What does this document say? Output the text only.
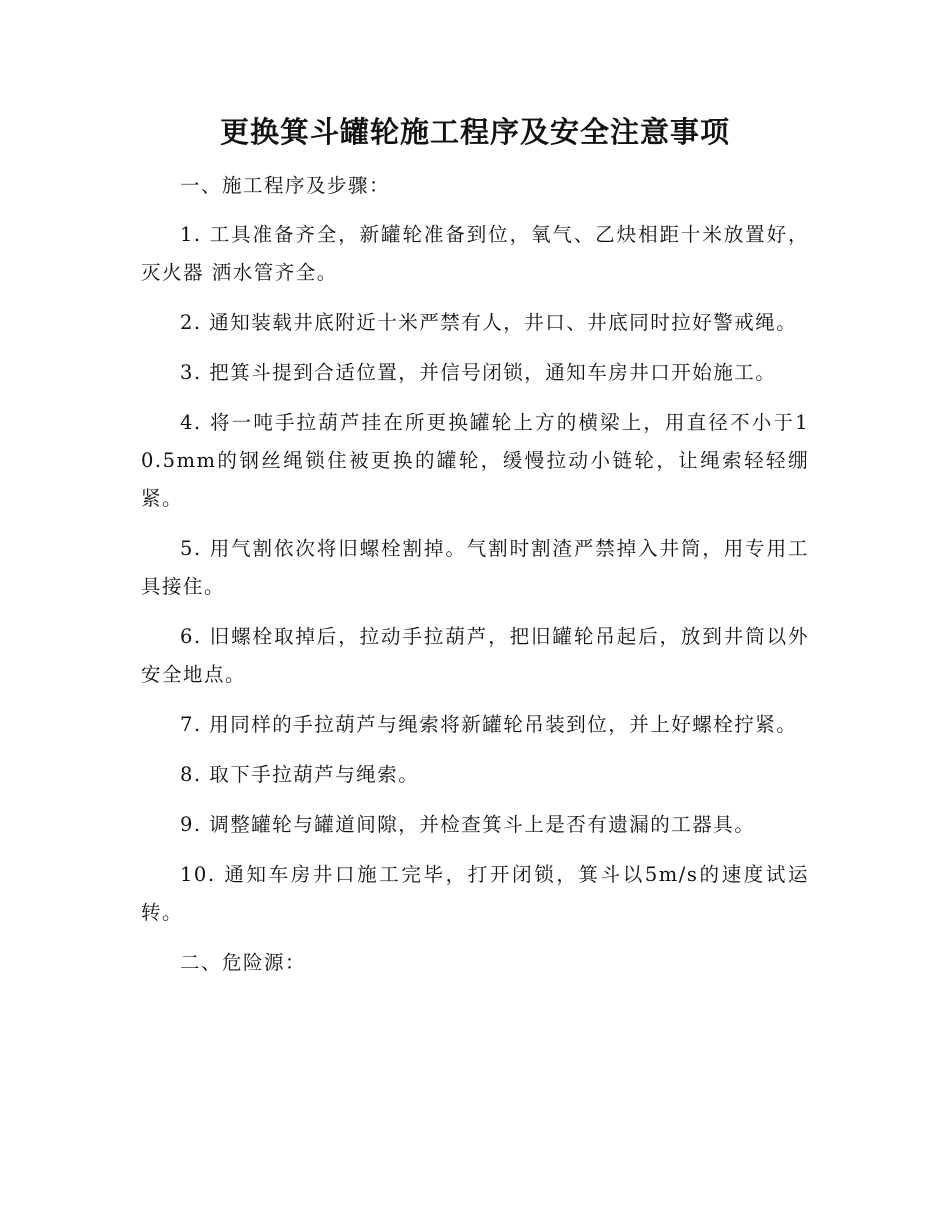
更换箕斗罐轮施工程序及安全注意事项

一、施工程序及步骤：

1. 工具准备齐全，新罐轮准备到位，氧气、乙炔相距十米放置好，灭火器 洒水管齐全。

2. 通知装载井底附近十米严禁有人，井口、井底同时拉好警戒绳。

3. 把箕斗提到合适位置，并信号闭锁，通知车房井口开始施工。

4. 将一吨手拉葫芦挂在所更换罐轮上方的横梁上，用直径不小于10.5mm的钢丝绳锁住被更换的罐轮，缓慢拉动小链轮，让绳索轻轻绷紧。

5. 用气割依次将旧螺栓割掉。气割时割渣严禁掉入井筒，用专用工具接住。

6. 旧螺栓取掉后，拉动手拉葫芦，把旧罐轮吊起后，放到井筒以外安全地点。

7. 用同样的手拉葫芦与绳索将新罐轮吊装到位，并上好螺栓拧紧。

8. 取下手拉葫芦与绳索。

9. 调整罐轮与罐道间隙，并检查箕斗上是否有遗漏的工器具。

10. 通知车房井口施工完毕，打开闭锁，箕斗以5m/s的速度试运转。

二、危险源：
